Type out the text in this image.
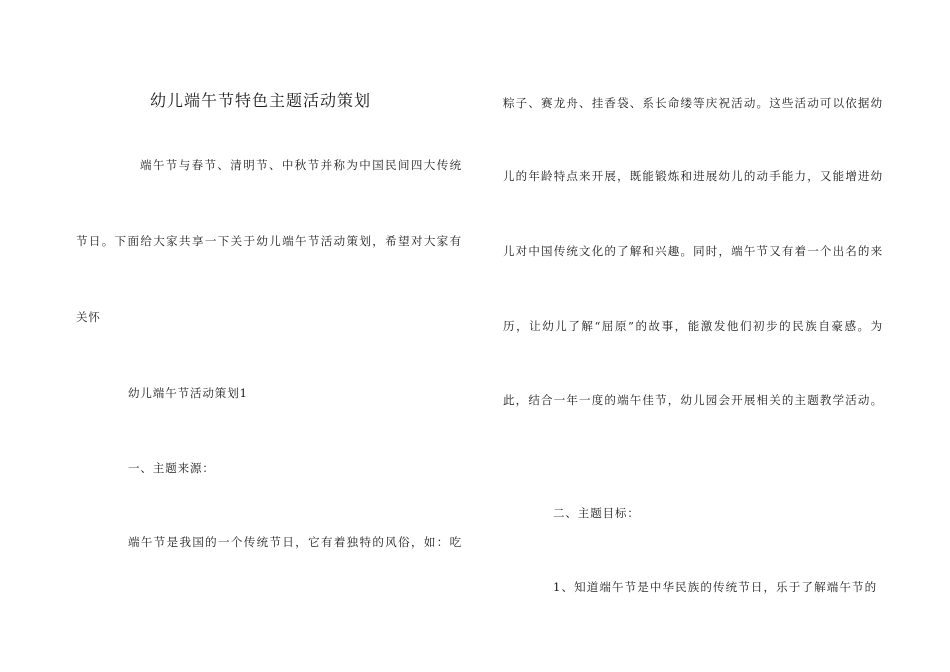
幼儿端午节特色主题活动策划
端午节与春节、清明节、中秋节并称为中国民间四大传统
节日。下面给大家共享一下关于幼儿端午节活动策划，希望对大家有
关怀
幼儿端午节活动策划1
一、主题来源：
端午节是我国的一个传统节日，它有着独特的风俗，如：吃
粽子、赛龙舟、挂香袋、系长命缕等庆祝活动。这些活动可以依据幼
儿的年龄特点来开展，既能锻炼和进展幼儿的动手能力，又能增进幼
儿对中国传统文化的了解和兴趣。同时，端午节又有着一个出名的来
历，让幼儿了解“屈原”的故事，能激发他们初步的民族自豪感。为
此，结合一年一度的端午佳节，幼儿园会开展相关的主题教学活动。
二、主题目标：
1、知道端午节是中华民族的传统节日，乐于了解端午节的
